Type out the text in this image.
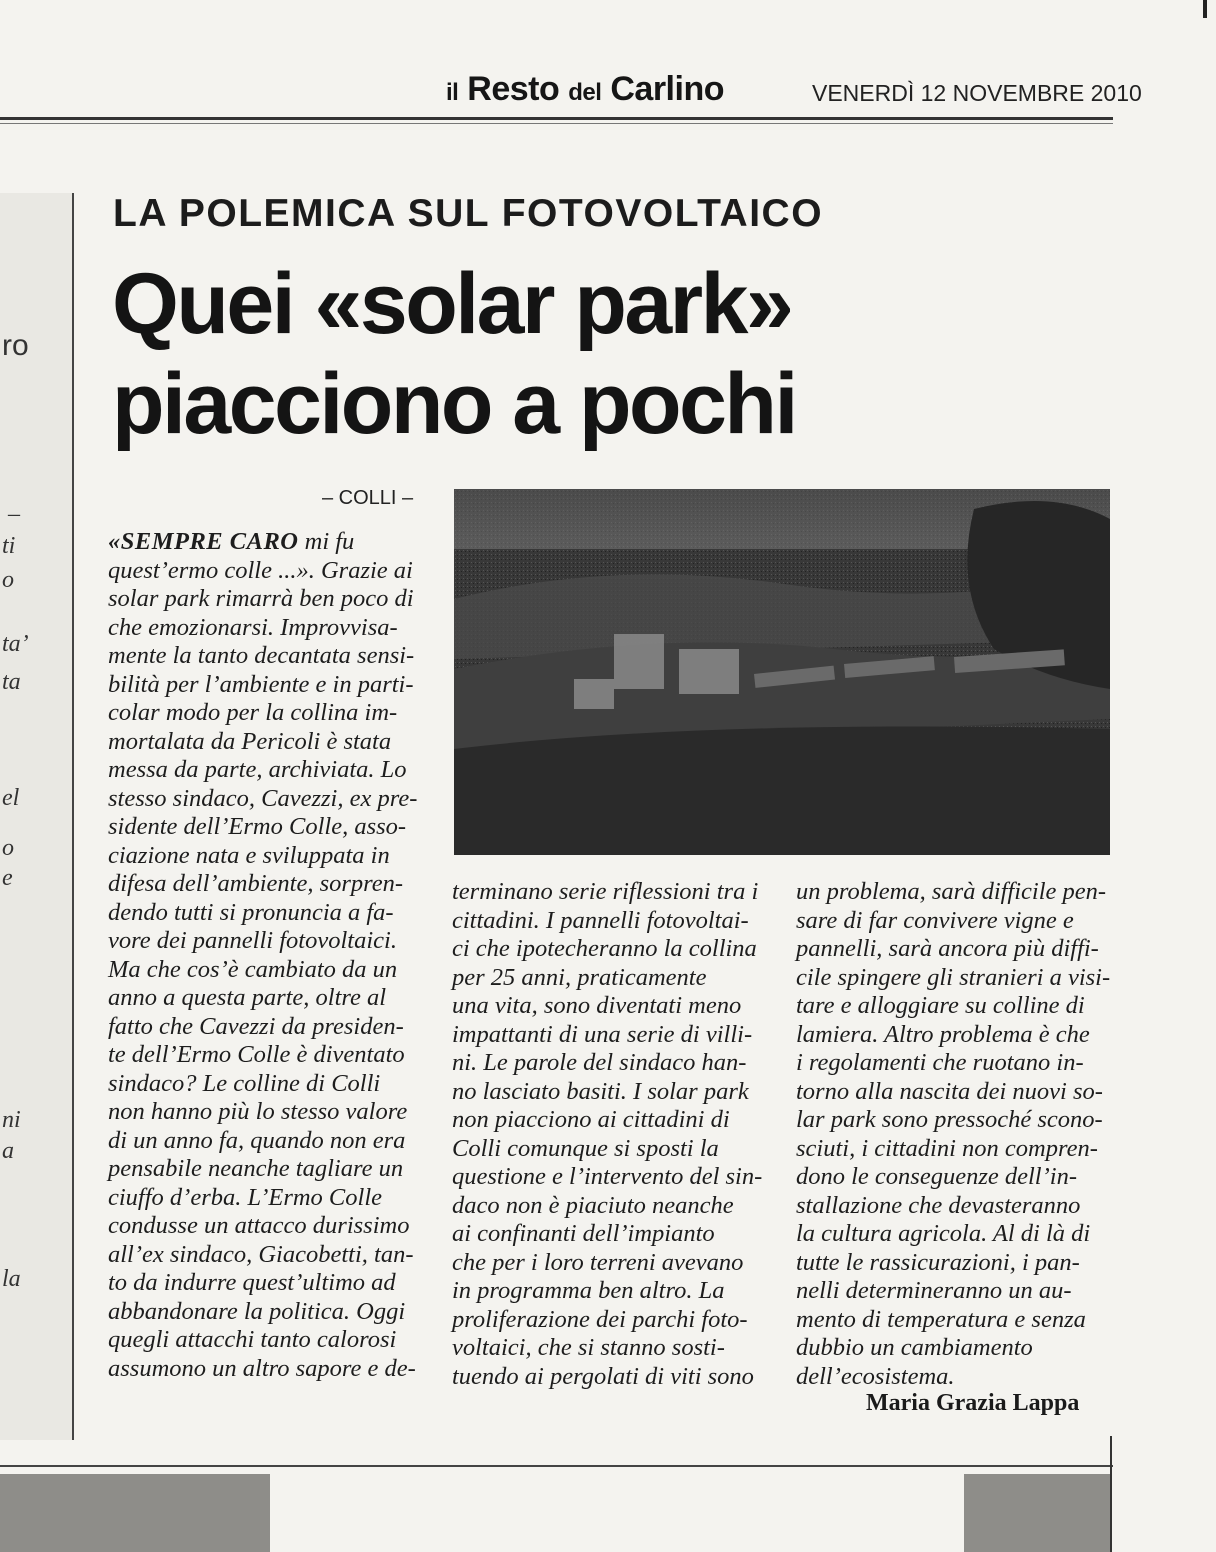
il Resto del Carlino	VENERDÌ 12 NOVEMBRE 2010
ro
–
ti
o
ta’
ta
el
o
e
ni
a
la
LA POLEMICA SUL FOTOVOLTAICO
Quei «solar park»
piacciono a pochi
– COLLI –
«SEMPRE CARO mi fu
quest’ermo colle ...». Grazie ai
solar park rimarrà ben poco di
che emozionarsi. Improvvisa-
mente la tanto decantata sensi-
bilità per l’ambiente e in parti-
colar modo per la collina im-
mortalata da Pericoli è stata
messa da parte, archiviata. Lo
stesso sindaco, Cavezzi, ex pre-
sidente dell’Ermo Colle, asso-
ciazione nata e sviluppata in
difesa dell’ambiente, sorpren-
dendo tutti si pronuncia a fa-
vore dei pannelli fotovoltaici.
Ma che cos’è cambiato da un
anno a questa parte, oltre al
fatto che Cavezzi da presiden-
te dell’Ermo Colle è diventato
sindaco? Le colline di Colli
non hanno più lo stesso valore
di un anno fa, quando non era
pensabile neanche tagliare un
ciuffo d’erba. L’Ermo Colle
condusse un attacco durissimo
all’ex sindaco, Giacobetti, tan-
to da indurre quest’ultimo ad
abbandonare la politica. Oggi
quegli attacchi tanto calorosi
assumono un altro sapore e de-
terminano serie riflessioni tra i
cittadini. I pannelli fotovoltai-
ci che ipotecheranno la collina
per 25 anni, praticamente
una vita, sono diventati meno
impattanti di una serie di villi-
ni. Le parole del sindaco han-
no lasciato basiti. I solar park
non piacciono ai cittadini di
Colli comunque si sposti la
questione e l’intervento del sin-
daco non è piaciuto neanche
ai confinanti dell’impianto
che per i loro terreni avevano
in programma ben altro. La
proliferazione dei parchi foto-
voltaici, che si stanno sosti-
tuendo ai pergolati di viti sono
un problema, sarà difficile pen-
sare di far convivere vigne e
pannelli, sarà ancora più diffi-
cile spingere gli stranieri a visi-
tare e alloggiare su colline di
lamiera. Altro problema è che
i regolamenti che ruotano in-
torno alla nascita dei nuovi so-
lar park sono pressoché scono-
sciuti, i cittadini non compren-
dono le conseguenze dell’in-
stallazione che devasteranno
la cultura agricola. Al di là di
tutte le rassicurazioni, i pan-
nelli determineranno un au-
mento di temperatura e senza
dubbio un cambiamento
dell’ecosistema.
Maria Grazia Lappa
